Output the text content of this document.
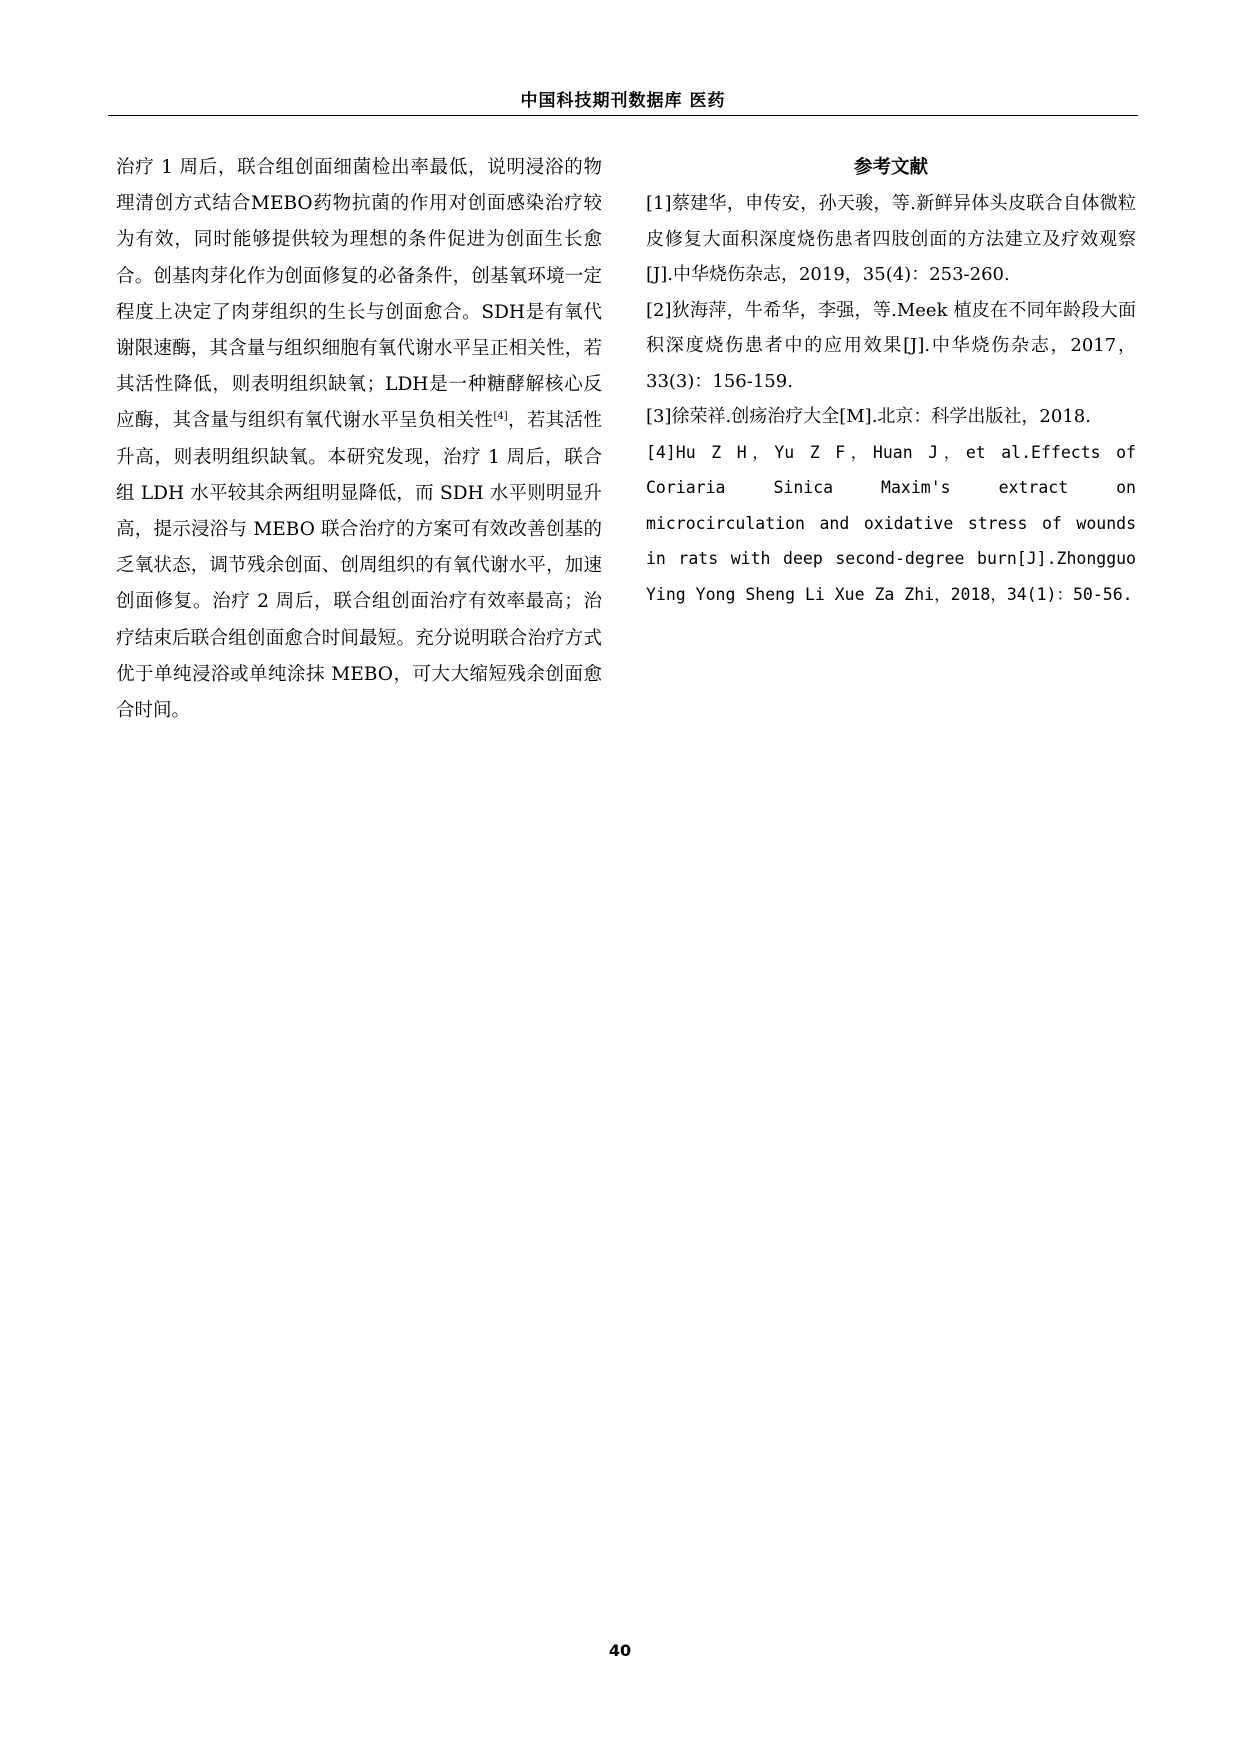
中国科技期刊数据库 医药
治疗 1 周后，联合组创面细菌检出率最低，说明浸浴的物理清创方式结合MEBO药物抗菌的作用对创面感染治疗较为有效，同时能够提供较为理想的条件促进为创面生长愈合。创基肉芽化作为创面修复的必备条件，创基氧环境一定程度上决定了肉芽组织的生长与创面愈合。SDH是有氧代谢限速酶，其含量与组织细胞有氧代谢水平呈正相关性，若其活性降低，则表明组织缺氧；LDH是一种糖酵解核心反应酶，其含量与组织有氧代谢水平呈负相关性[4]，若其活性升高，则表明组织缺氧。本研究发现，治疗 1 周后，联合组 LDH 水平较其余两组明显降低，而 SDH 水平则明显升高，提示浸浴与 MEBO 联合治疗的方案可有效改善创基的乏氧状态，调节残余创面、创周组织的有氧代谢水平，加速创面修复。治疗 2 周后，联合组创面治疗有效率最高；治疗结束后联合组创面愈合时间最短。充分说明联合治疗方式优于单纯浸浴或单纯涂抹 MEBO，可大大缩短残余创面愈合时间。
参考文献
[1]蔡建华，申传安，孙天骏，等.新鲜异体头皮联合自体微粒皮修复大面积深度烧伤患者四肢创面的方法建立及疗效观察[J].中华烧伤杂志，2019，35(4)：253-260.
[2]狄海萍，牛希华，李强，等.Meek 植皮在不同年龄段大面积深度烧伤患者中的应用效果[J].中华烧伤杂志，2017，33(3)：156-159.
[3]徐荣祥.创疡治疗大全[M].北京：科学出版社，2018.
[4]Hu Z H，Yu Z F，Huan J，et al.Effects of Coriaria Sinica Maxim's extract on microcirculation and oxidative stress of wounds in rats with deep second-degree burn[J].Zhongguo Ying Yong Sheng Li Xue Za Zhi，2018，34(1)：50-56.
40
